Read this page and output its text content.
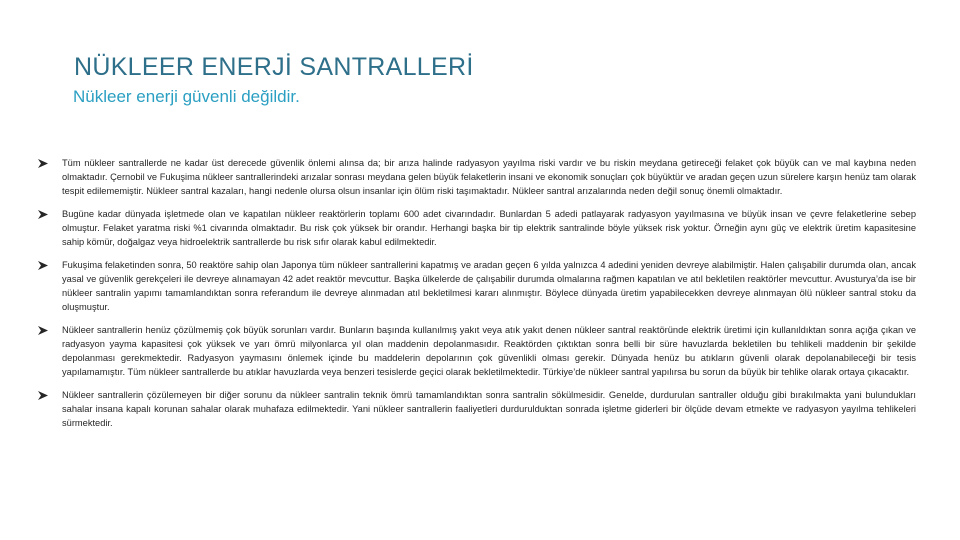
NÜKLEER ENERJİ SANTRALLERİ
Nükleer enerji güvenli değildir.
Tüm nükleer santrallerde ne kadar üst derecede güvenlik önlemi alınsa da; bir arıza halinde radyasyon yayılma riski vardır ve bu riskin meydana getireceği felaket çok büyük can ve mal kaybına neden olmaktadır. Çernobil ve Fukuşima nükleer santrallerindeki arızalar sonrası meydana gelen büyük felaketlerin insani ve ekonomik sonuçları çok büyüktür ve aradan geçen uzun sürelere karşın henüz tam olarak tespit edilememiştir. Nükleer santral kazaları, hangi nedenle olursa olsun insanlar için ölüm riski taşımaktadır. Nükleer santral arızalarında neden değil sonuç önemli olmaktadır.
Bugüne kadar dünyada işletmede olan ve kapatılan nükleer reaktörlerin toplamı 600 adet civarındadır. Bunlardan 5 adedi patlayarak radyasyon yayılmasına ve büyük insan ve çevre felaketlerine sebep olmuştur. Felaket yaratma riski %1 civarında olmaktadır. Bu risk çok yüksek bir orandır. Herhangi başka bir tip elektrik santralinde böyle yüksek risk yoktur. Örneğin aynı güç ve elektrik üretim kapasitesine sahip kömür, doğalgaz veya hidroelektrik santrallerde bu risk sıfır olarak kabul edilmektedir.
Fukuşima felaketinden sonra, 50 reaktöre sahip olan Japonya tüm nükleer santrallerini kapatmış ve aradan geçen 6 yılda yalnızca 4 adedini yeniden devreye alabilmiştir. Halen çalışabilir durumda olan, ancak yasal ve güvenlik gerekçeleri ile devreye alınamayan 42 adet reaktör mevcuttur. Başka ülkelerde de çalışabilir durumda olmalarına rağmen kapatılan ve atıl bekletilen reaktörler mevcuttur. Avusturya’da ise bir nükleer santralin yapımı tamamlandıktan sonra referandum ile devreye alınmadan atıl bekletilmesi kararı alınmıştır. Böylece dünyada üretim yapabilecekken devreye alınmayan ölü nükleer santral stoku da oluşmuştur.
Nükleer santrallerin henüz çözülmemiş çok büyük sorunları vardır. Bunların başında kullanılmış yakıt veya atık yakıt denen nükleer santral reaktöründe elektrik üretimi için kullanıldıktan sonra açığa çıkan ve radyasyon yayma kapasitesi çok yüksek ve yarı ömrü milyonlarca yıl olan maddenin depolanmasıdır. Reaktörden çıktıktan sonra belli bir süre havuzlarda bekletilen bu tehlikeli maddenin bir şekilde depolanması gerekmektedir. Radyasyon yaymasını önlemek içinde bu maddelerin depolarının çok güvenlikli olması gerekir. Dünyada henüz bu atıkların güvenli olarak depolanabileceği bir tesis yapılamamıştır. Tüm nükleer santrallerde bu atıklar havuzlarda veya benzeri tesislerde geçici olarak bekletilmektedir. Türkiye’de nükleer santral yapılırsa bu sorun da büyük bir tehlike olarak ortaya çıkacaktır.
Nükleer santrallerin çözülemeyen bir diğer sorunu da nükleer santralin teknik ömrü tamamlandıktan sonra santralin sökülmesidir. Genelde, durdurulan santraller olduğu gibi bırakılmakta yani bulundukları sahalar insana kapalı korunan sahalar olarak muhafaza edilmektedir. Yani nükleer santrallerin faaliyetleri durdurulduktan sonrada işletme giderleri bir ölçüde devam etmekte ve radyasyon yayılma tehlikeleri sürmektedir.
